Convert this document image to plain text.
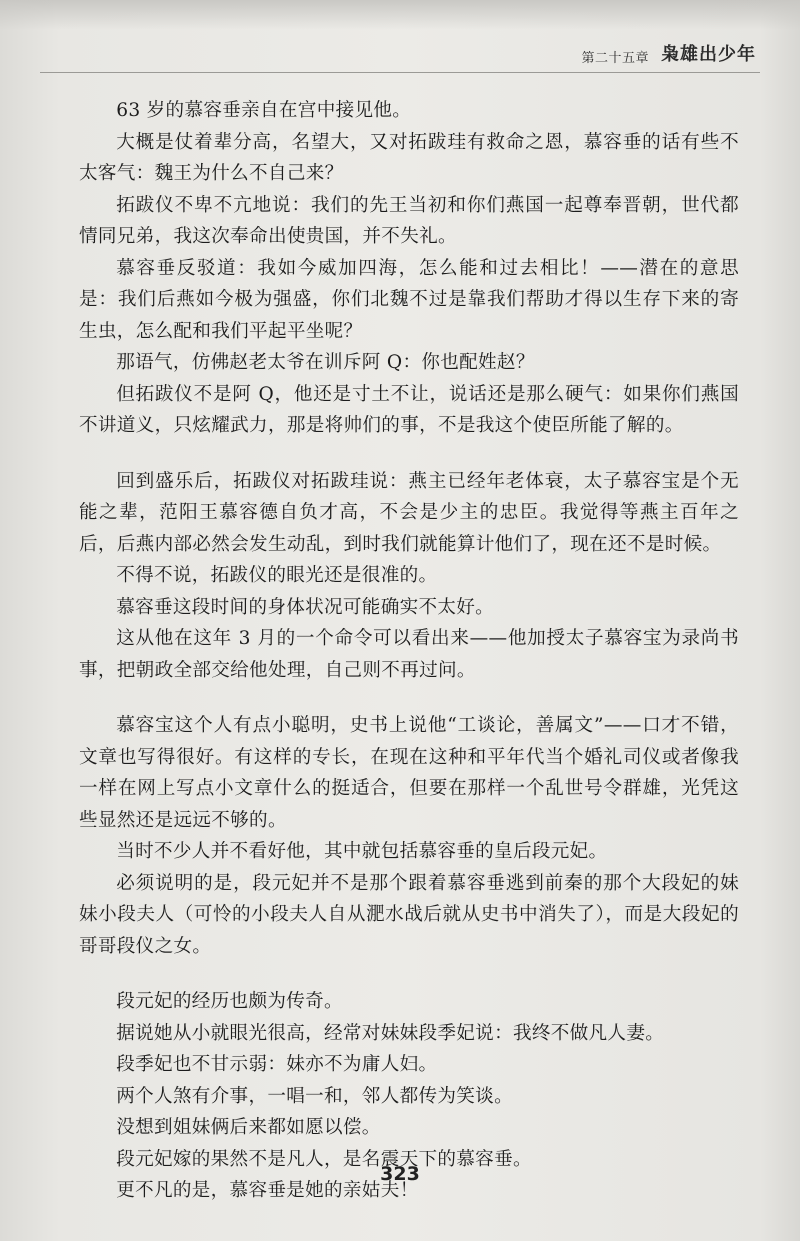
第二十五章 枭雄出少年

63 岁的慕容垂亲自在宫中接见他。

大概是仗着辈分高，名望大，又对拓跋珪有救命之恩，慕容垂的话有些不太客气：魏王为什么不自己来？

拓跋仪不卑不亢地说：我们的先王当初和你们燕国一起尊奉晋朝，世代都情同兄弟，我这次奉命出使贵国，并不失礼。

慕容垂反驳道：我如今威加四海，怎么能和过去相比！——潜在的意思是：我们后燕如今极为强盛，你们北魏不过是靠我们帮助才得以生存下来的寄生虫，怎么配和我们平起平坐呢？

那语气，仿佛赵老太爷在训斥阿 Q：你也配姓赵？

但拓跋仪不是阿 Q，他还是寸土不让，说话还是那么硬气：如果你们燕国不讲道义，只炫耀武力，那是将帅们的事，不是我这个使臣所能了解的。

回到盛乐后，拓跋仪对拓跋珪说：燕主已经年老体衰，太子慕容宝是个无能之辈，范阳王慕容德自负才高，不会是少主的忠臣。我觉得等燕主百年之后，后燕内部必然会发生动乱，到时我们就能算计他们了，现在还不是时候。

不得不说，拓跋仪的眼光还是很准的。

慕容垂这段时间的身体状况可能确实不太好。

这从他在这年 3 月的一个命令可以看出来——他加授太子慕容宝为录尚书事，把朝政全部交给他处理，自己则不再过问。

慕容宝这个人有点小聪明，史书上说他“工谈论，善属文”——口才不错，文章也写得很好。有这样的专长，在现在这种和平年代当个婚礼司仪或者像我一样在网上写点小文章什么的挺适合，但要在那样一个乱世号令群雄，光凭这些显然还是远远不够的。

当时不少人并不看好他，其中就包括慕容垂的皇后段元妃。

必须说明的是，段元妃并不是那个跟着慕容垂逃到前秦的那个大段妃的妹妹小段夫人（可怜的小段夫人自从淝水战后就从史书中消失了），而是大段妃的哥哥段仪之女。

段元妃的经历也颇为传奇。

据说她从小就眼光很高，经常对妹妹段季妃说：我终不做凡人妻。

段季妃也不甘示弱：妹亦不为庸人妇。

两个人煞有介事，一唱一和，邻人都传为笑谈。

没想到姐妹俩后来都如愿以偿。

段元妃嫁的果然不是凡人，是名震天下的慕容垂。

更不凡的是，慕容垂是她的亲姑夫！

323
